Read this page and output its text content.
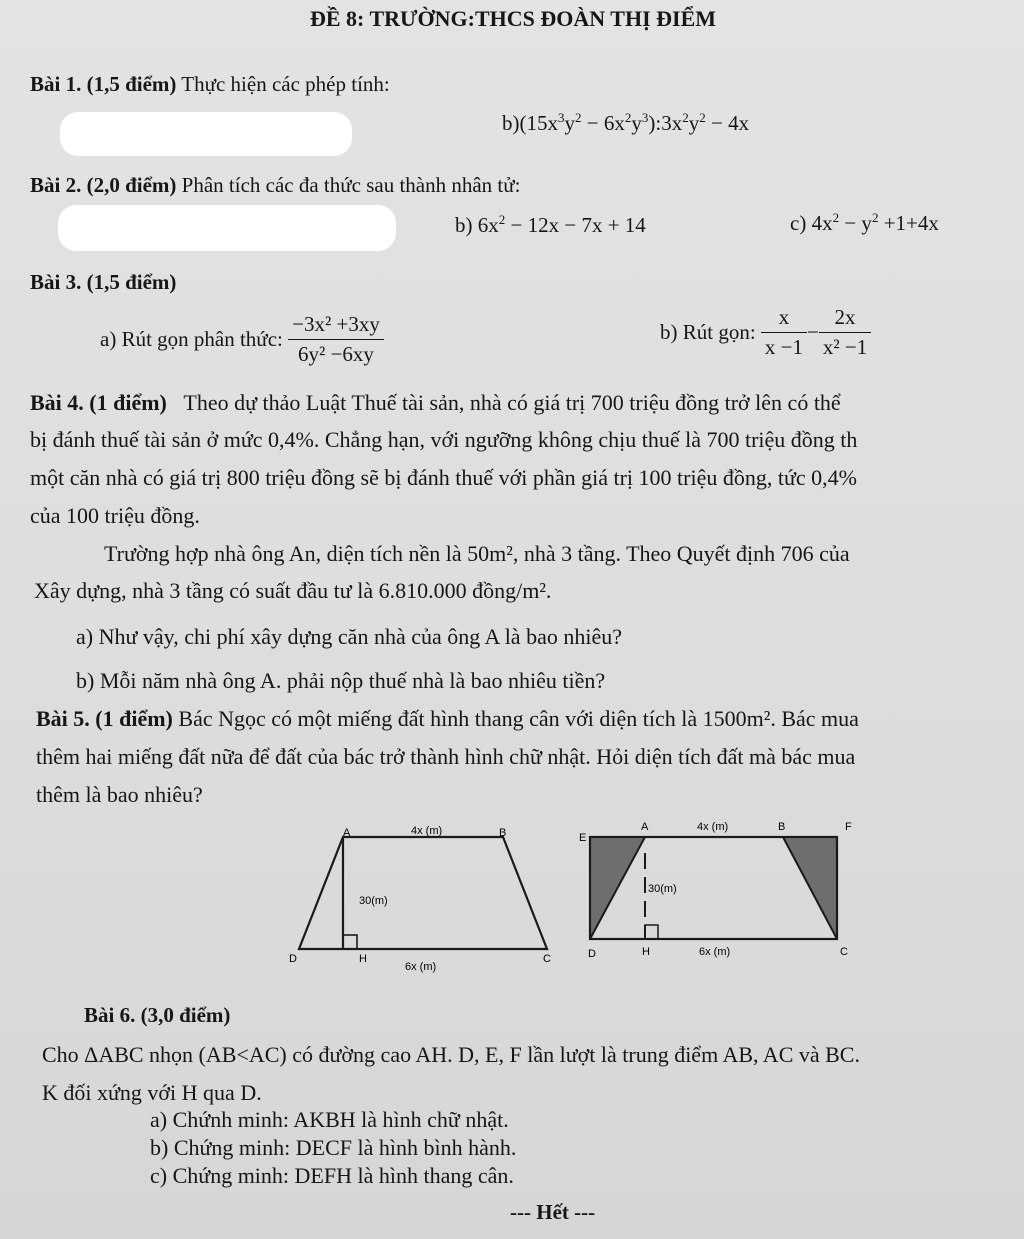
ĐỀ 8: TRƯỜNG:THCS ĐOÀN THỊ ĐIỂM
Bài 1. (1,5 điểm) Thực hiện các phép tính:
$b)(15x^3y^2$ − $6x^2y^3):3x^2y^2 - 4x$
Bài 2. (2,0 điểm) Phân tích các đa thức sau thành nhân tử:
b) $6x^2 - 12x - 7x + 14$	c) $4x^2 - y^2 +1+4x$
Bài 3. (1,5 điểm)
a) Rút gọn phân thức: $\frac{\text{−3x² +3xy}}{\text{6y² −6xy}}$	b) Rút gọn: $\frac{x}{x -1} - \frac{2x}{\text{x² −1}}$
Bài 4. (1 điểm) Theo dự thảo Luật Thuế tài sản, nhà có giá trị 700 triệu đồng trở lên có thể
bị đánh thuế tài sản ở mức 0,4%. Chẳng hạn, với ngưỡng không chịu thuế là 700 triệu đồng th
một căn nhà có giá trị 800 triệu đồng sẽ bị đánh thuế với phần giá trị 100 triệu đồng, tức 0,4%
của 100 triệu đồng.
Trường hợp nhà ông An, diện tích nền là 50m², nhà 3 tầng. Theo Quyết định 706 của
Xây dựng, nhà 3 tầng có suất đầu tư là 6.810.000 đồng/m².
a) Như vậy, chi phí xây dựng căn nhà của ông A là bao nhiêu?
b) Mỗi năm nhà ông A. phải nộp thuế nhà là bao nhiêu tiền?
Bài 5. (1 điểm) Bác Ngọc có một miếng đất hình thang cân với diện tích là 1500m². Bác mua
thêm hai miếng đất nữa để đất của bác trở thành hình chữ nhật. Hỏi diện tích đất mà bác mua
thêm là bao nhiêu?
A	4x (m)	B
30(m)
D	H
6x (m)
C
A	4x (m)	B
E
F
30(m)
D	H	6x (m)	C
Bài 6. (3,0 điểm)
Cho ΔABC nhọn (AB<AC) có đường cao AH. D, E, F lần lượt là trung điểm AB, AC và BC.
K đối xứng với H qua D.
a) Chứnh minh: AKBH là hình chữ nhật.
b) Chứng minh: DECF là hình bình hành.
c) Chứng minh: DEFH là hình thang cân.
--- Hết ---
